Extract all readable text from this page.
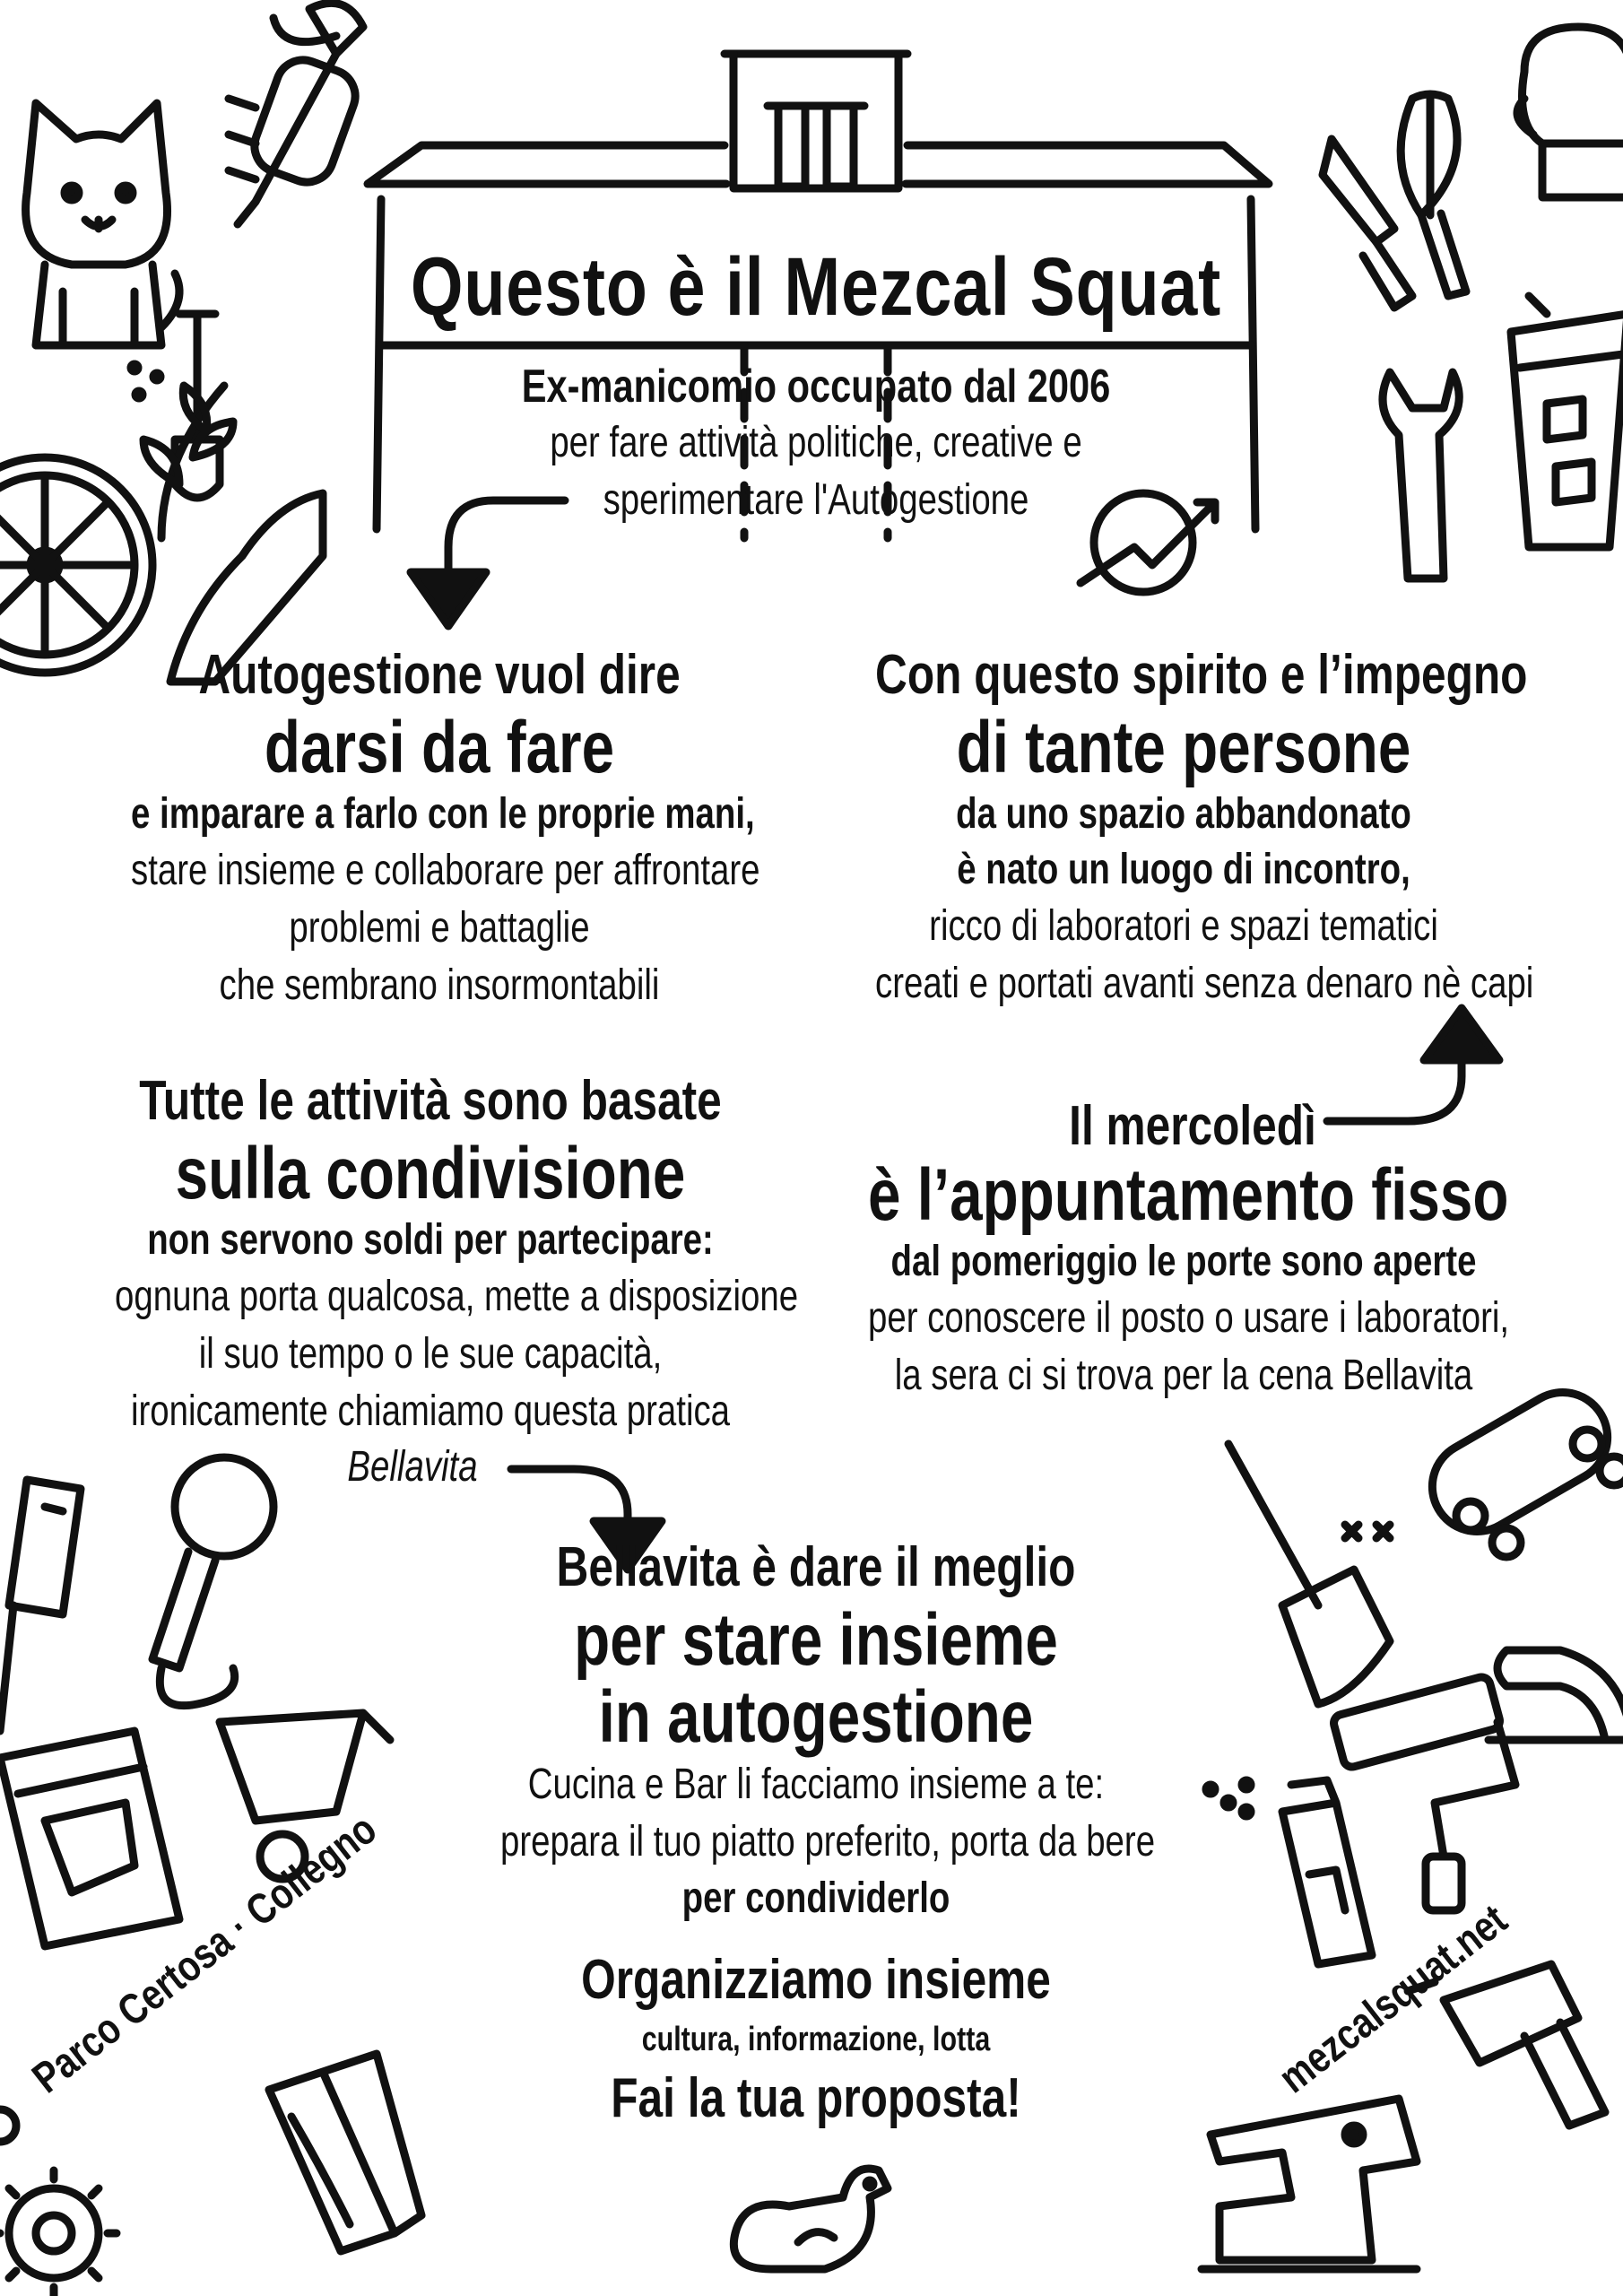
Questo è il Mezcal Squat
Ex-manicomio occupato dal 2006
per fare attività politiche, creative e
sperimentare l'Autogestione
Autogestione vuol dire
darsi da fare
e imparare a farlo con le proprie mani,
stare insieme e collaborare per affrontare
problemi e battaglie
che sembrano insormontabili
Con questo spirito e l’impegno
di tante persone
da uno spazio abbandonato
è nato un luogo di incontro,
ricco di laboratori e spazi tematici
creati e portati avanti senza denaro nè capi
Tutte le attività sono basate
sulla condivisione
non servono soldi per partecipare:
ognuna porta qualcosa, mette a disposizione
il suo tempo o le sue capacità,
ironicamente chiamiamo questa pratica
Bellavita
Il mercoledì
è l’appuntamento fisso
dal pomeriggio le porte sono aperte
per conoscere il posto o usare i laboratori,
la sera ci si trova per la cena Bellavita
Bellavita è dare il meglio
per stare insieme
in autogestione
Cucina e Bar li facciamo insieme a te:
prepara il tuo piatto preferito, porta da bere
per condividerlo
Organizziamo insieme
cultura, informazione, lotta
Fai la tua proposta!
Parco Certosa · Collegno	mezcalsquat.net
